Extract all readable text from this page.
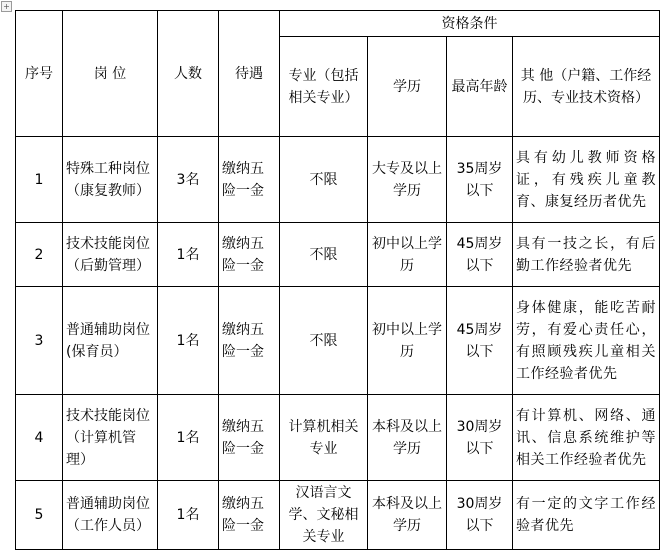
+
序号	岗 位	人数	待遇	资格条件			
				专业（包括相关专业）	学历	最高年龄	其 他（户籍、工作经历、专业技术资格）
1	特殊工种岗位（康复教师）	3名	缴纳五险一金	不限	大专及以上学历	35周岁以下	具有幼儿教师资格证，有残疾儿童教育、康复经历者优先
2	技术技能岗位（后勤管理）	1名	缴纳五险一金	不限	初中以上学历	45周岁以下	具有一技之长，有后勤工作经验者优先
3	普通辅助岗位(保育员）	1名	缴纳五险一金	不限	初中以上学历	45周岁以下	身体健康，能吃苦耐劳，有爱心责任心，有照顾残疾儿童相关工作经验者优先
4	技术技能岗位（计算机管理）	1名	缴纳五险一金	计算机相关专业	本科及以上学历	30周岁以下	有计算机、网络、通讯、信息系统维护等相关工作经验者优先
5	普通辅助岗位（工作人员）	1名	缴纳五险一金	汉语言文学、文秘相关专业	本科及以上学历	30周岁以下	有一定的文字工作经验者优先
